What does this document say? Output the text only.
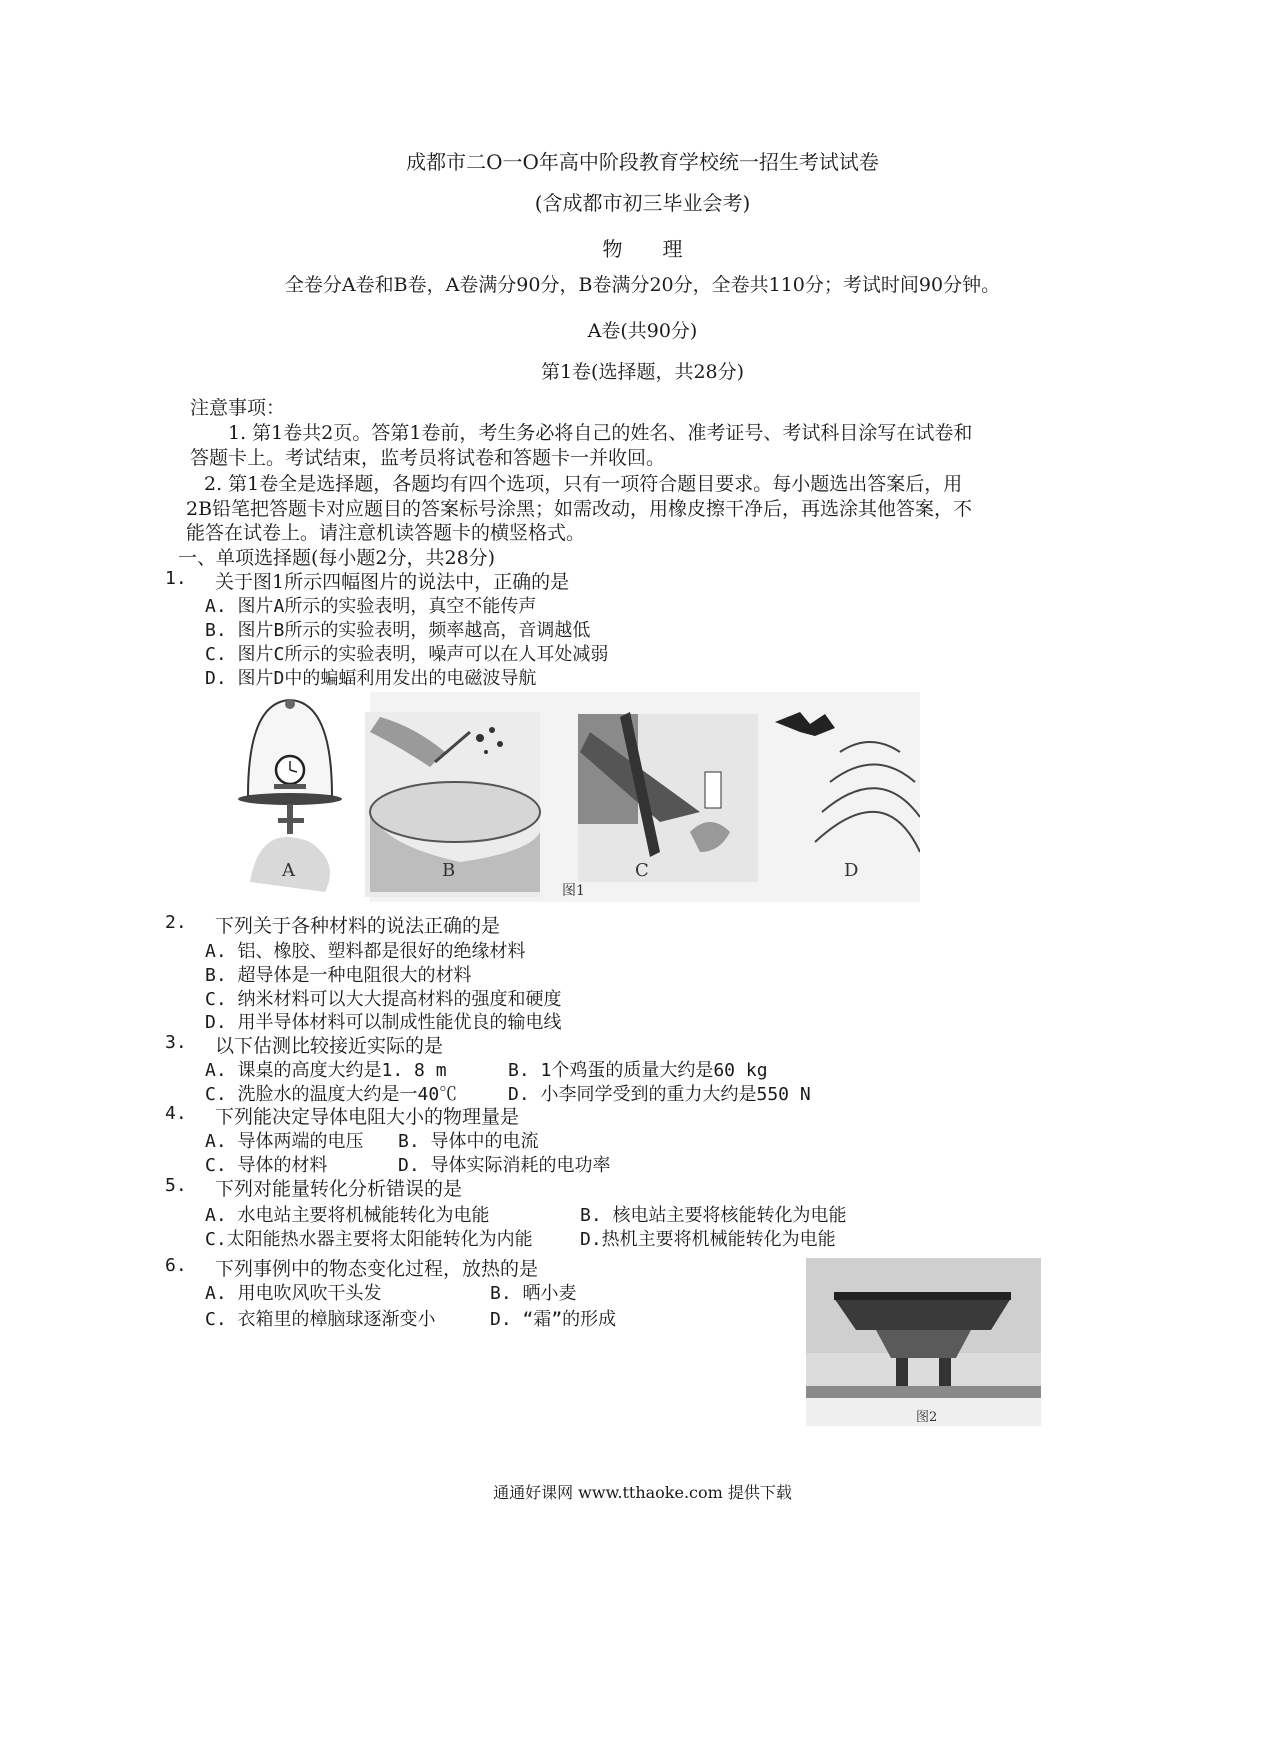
成都市二O一O年高中阶段教育学校统一招生考试试卷
(含成都市初三毕业会考)
物　　理
全卷分A卷和B卷，A卷满分90分，B卷满分20分，全卷共110分；考试时间90分钟。
A卷(共90分)
第1卷(选择题，共28分)
注意事项：
1. 第1卷共2页。答第1卷前，考生务必将自己的姓名、准考证号、考试科目涂写在试卷和
答题卡上。考试结束，监考员将试卷和答题卡一并收回。
2. 第1卷全是选择题，各题均有四个选项，只有一项符合题目要求。每小题选出答案后，用
2B铅笔把答题卡对应题目的答案标号涂黑；如需改动，用橡皮擦干净后，再选涂其他答案，不
能答在试卷上。请注意机读答题卡的横竖格式。
一、单项选择题(每小题2分，共28分)
1. 关于图1所示四幅图片的说法中，正确的是
A. 图片A所示的实验表明，真空不能传声
B. 图片B所示的实验表明，频率越高，音调越低
C. 图片C所示的实验表明，噪声可以在人耳处减弱
D. 图片D中的蝙蝠利用发出的电磁波导航
A	B	C	D
图1
2. 下列关于各种材料的说法正确的是
A. 铝、橡胶、塑料都是很好的绝缘材料
B. 超导体是一种电阻很大的材料
C. 纳米材料可以大大提高材料的强度和硬度
D. 用半导体材料可以制成性能优良的输电线
3. 以下估测比较接近实际的是
A. 课桌的高度大约是1. 8 m	B. 1个鸡蛋的质量大约是60 kg
C. 洗脸水的温度大约是一40℃	D. 小李同学受到的重力大约是550 N
4. 下列能决定导体电阻大小的物理量是
A. 导体两端的电压 B. 导体中的电流
C. 导体的材料	D. 导体实际消耗的电功率
5. 下列对能量转化分析错误的是
A. 水电站主要将机械能转化为电能	B. 核电站主要将核能转化为电能
C.太阳能热水器主要将太阳能转化为内能	D.热机主要将机械能转化为电能
6. 下列事例中的物态变化过程，放热的是
A. 用电吹风吹干头发	B. 晒小麦
C. 衣箱里的樟脑球逐渐变小	D. “霜”的形成
图2
通通好课网 www.tthaoke.com 提供下载
